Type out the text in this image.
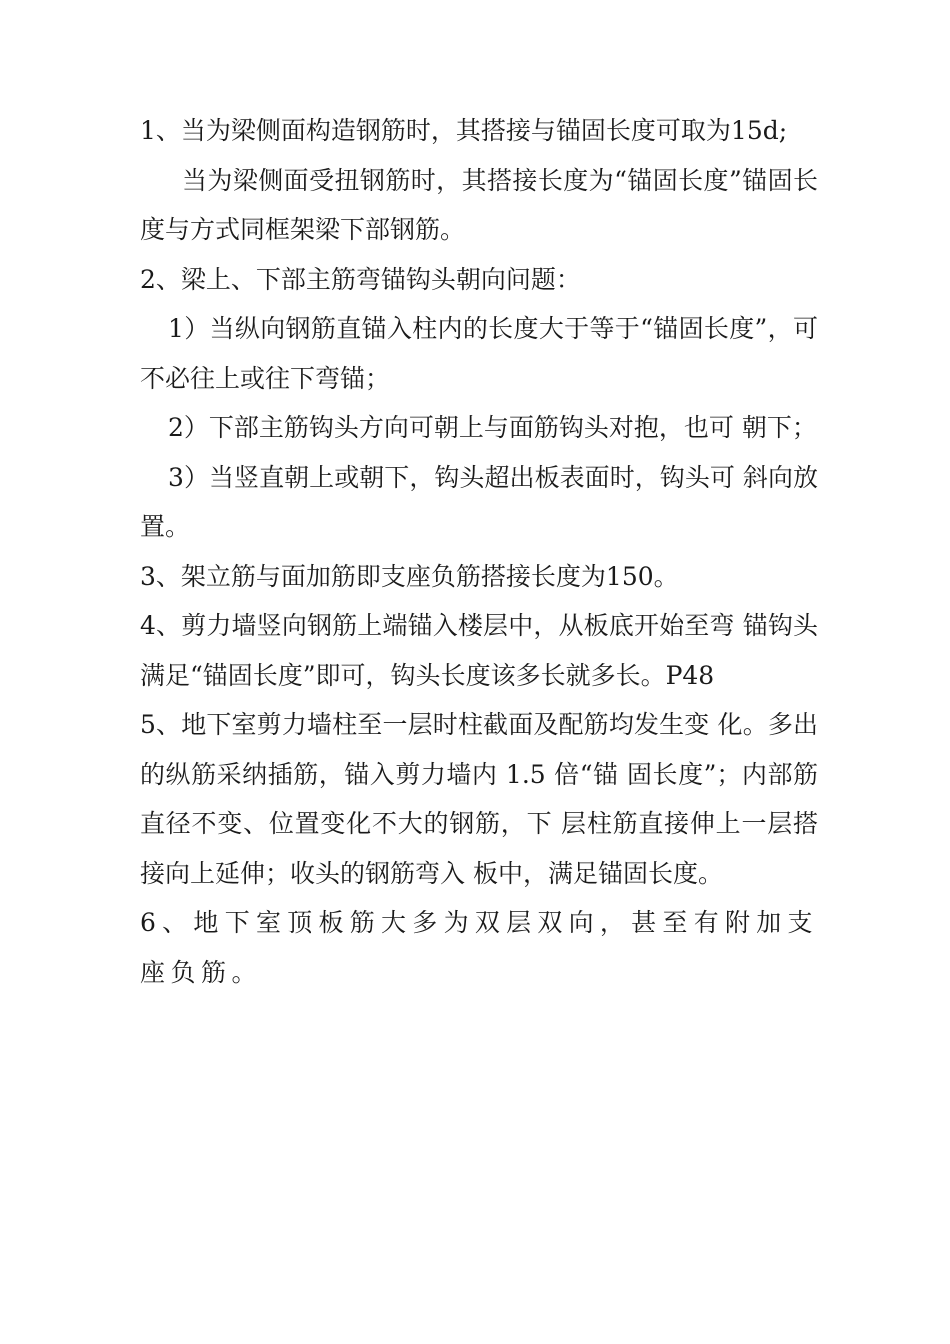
1、当为梁侧面构造钢筋时，其搭接与锚固长度可取为15d;

当为梁侧面受扭钢筋时，其搭接长度为“锚固长度”锚固长度与方式同框架梁下部钢筋。

2、梁上、下部主筋弯锚钩头朝向问题：

1）当纵向钢筋直锚入柱内的长度大于等于“锚固长度”，可不必往上或往下弯锚；

2）下部主筋钩头方向可朝上与面筋钩头对抱，也可 朝下；

3）当竖直朝上或朝下，钩头超出板表面时，钩头可 斜向放置。

3、架立筋与面加筋即支座负筋搭接长度为150。

4、剪力墙竖向钢筋上端锚入楼层中，从板底开始至弯 锚钩头满足“锚固长度”即可，钩头长度该多长就多长。P48

5、地下室剪力墙柱至一层时柱截面及配筋均发生变 化。多出的纵筋采纳插筋，锚入剪力墙内 1.5 倍“锚 固长度”；内部筋直径不变、位置变化不大的钢筋，下 层柱筋直接伸上一层搭接向上延伸；收头的钢筋弯入 板中，满足锚固长度。

6、地下室顶板筋大多为双层双向，甚至有附加支座负筋。
